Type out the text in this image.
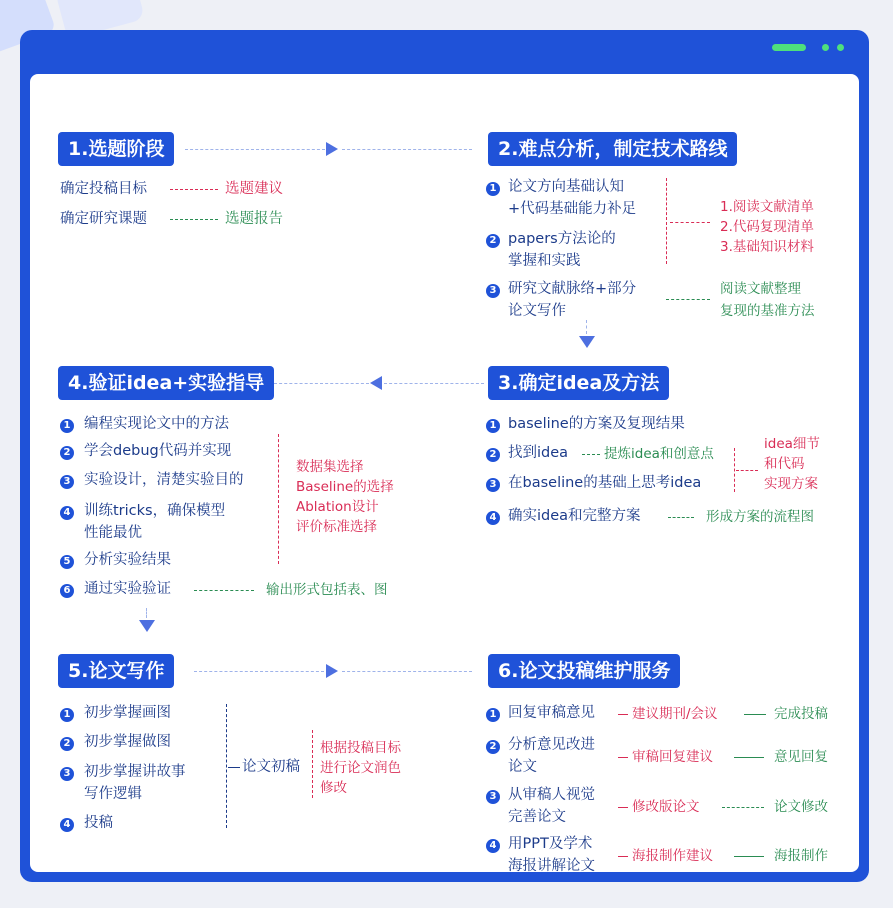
1.选题阶段
确定投稿目标	选题建议
确定研究课题	选题报告
2.难点分析，制定技术路线
1 论文方向基础认知
+代码基础能力补足
2 papers方法论的
掌握和实践
3 研究文献脉络+部分
论文写作
1.阅读文献清单
2.代码复现清单
3.基础知识材料
阅读文献整理
复现的基准方法
3.确定idea及方法
1 baseline的方案及复现结果
2 找到idea	提炼idea和创意点
3 在baseline的基础上思考idea
idea细节
和代码
实现方案
4 确实idea和完整方案	形成方案的流程图
4.验证idea+实验指导
1 编程实现论文中的方法
2 学会debug代码并实现
3 实验设计，清楚实验目的
4 训练tricks，确保模型
性能最优
5 分析实验结果
6 通过实验验证
数据集选择
Baseline的选择
Ablation设计
评价标准选择
输出形式包括表、图
5.论文写作
1 初步掌握画图
2 初步掌握做图
3 初步掌握讲故事
写作逻辑
4 投稿
论文初稿
根据投稿目标
进行论文润色
修改
6.论文投稿维护服务
1 回复审稿意见	建议期刊/会议	完成投稿
2 分析意见改进
论文
审稿回复建议	意见回复
3 从审稿人视觉
完善论文
修改版论文	论文修改
4 用PPT及学术
海报讲解论文
海报制作建议	海报制作
